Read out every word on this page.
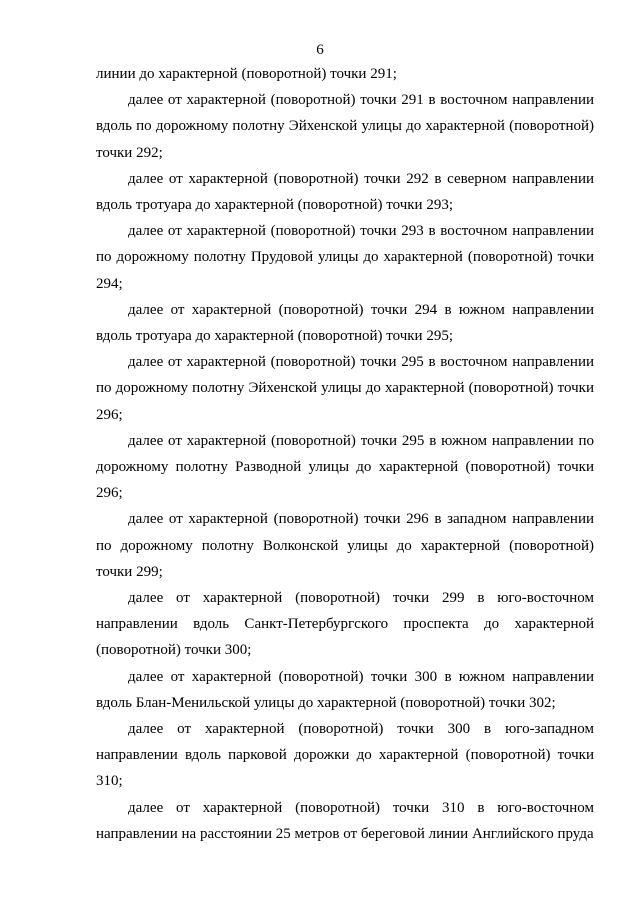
6

линии до характерной (поворотной) точки 291;

далее от характерной (поворотной) точки 291 в восточном направлении вдоль по дорожному полотну Эйхенской улицы до характерной (поворотной) точки 292;

далее от характерной (поворотной) точки 292 в северном направлении вдоль тротуара до характерной (поворотной) точки 293;

далее от характерной (поворотной) точки 293 в восточном направлении по дорожному полотну Прудовой улицы до характерной (поворотной) точки 294;

далее от характерной (поворотной) точки 294 в южном направлении вдоль тротуара до характерной (поворотной) точки 295;

далее от характерной (поворотной) точки 295 в восточном направлении по дорожному полотну Эйхенской улицы до характерной (поворотной) точки 296;

далее от характерной (поворотной) точки 295 в южном направлении по дорожному полотну Разводной улицы до характерной (поворотной) точки 296;

далее от характерной (поворотной) точки 296 в западном направлении по дорожному полотну Волконской улицы до характерной (поворотной) точки 299;

далее от характерной (поворотной) точки 299 в юго-восточном направлении вдоль Санкт-Петербургского проспекта до характерной (поворотной) точки 300;

далее от характерной (поворотной) точки 300 в южном направлении вдоль Блан-Менильской улицы до характерной (поворотной) точки 302;

далее от характерной (поворотной) точки 300 в юго-западном направлении вдоль парковой дорожки до характерной (поворотной) точки 310;

далее от характерной (поворотной) точки 310 в юго-восточном направлении на расстоянии 25 метров от береговой линии Английского пруда
